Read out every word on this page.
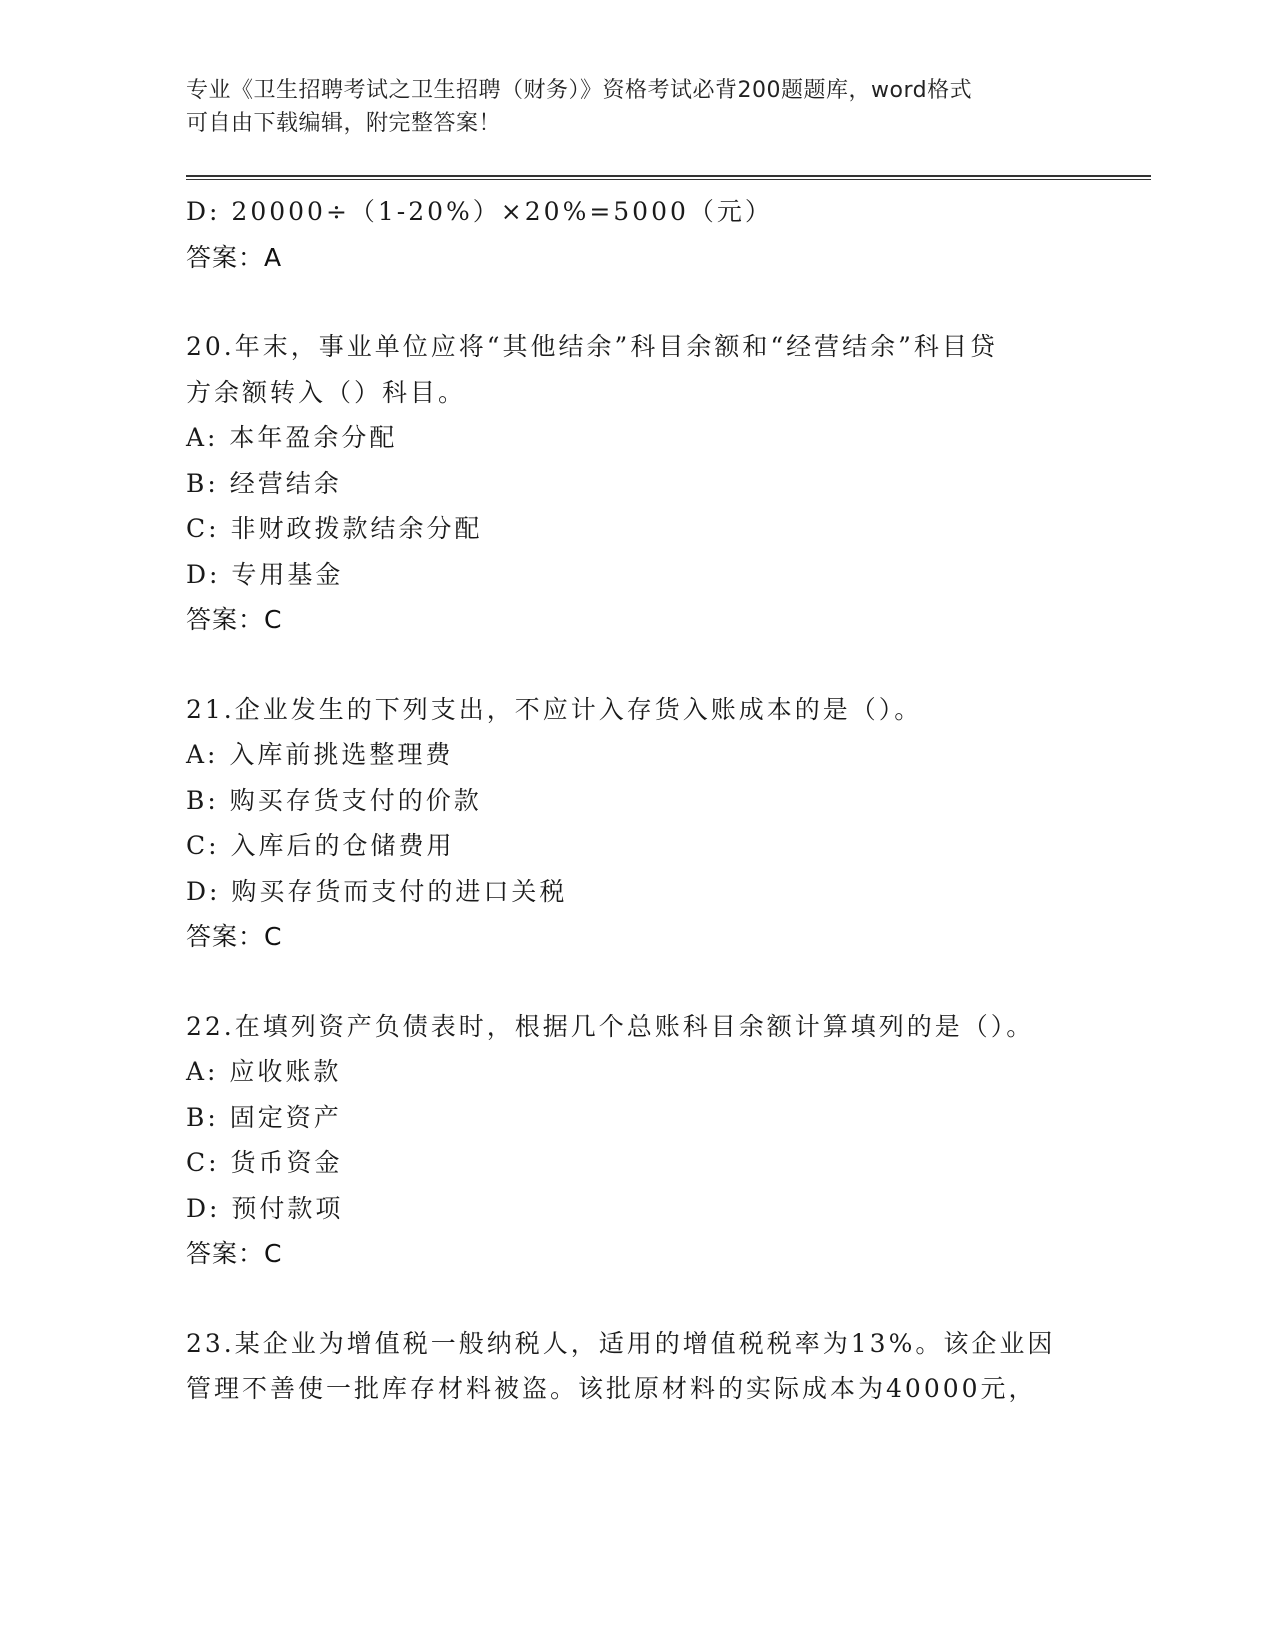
专业《卫生招聘考试之卫生招聘（财务）》资格考试必背200题题库，word格式
可自由下载编辑，附完整答案！
D: 20000÷（1-20%）×20%=5000（元）
答案：A
20.年末，事业单位应将“其他结余”科目余额和“经营结余”科目贷
方余额转入（）科目。
A: 本年盈余分配
B: 经营结余
C: 非财政拨款结余分配
D: 专用基金
答案：C
21.企业发生的下列支出，不应计入存货入账成本的是（）。
A: 入库前挑选整理费
B: 购买存货支付的价款
C: 入库后的仓储费用
D: 购买存货而支付的进口关税
答案：C
22.在填列资产负债表时，根据几个总账科目余额计算填列的是（）。
A: 应收账款
B: 固定资产
C: 货币资金
D: 预付款项
答案：C
23.某企业为增值税一般纳税人，适用的增值税税率为13%。该企业因
管理不善使一批库存材料被盗。该批原材料的实际成本为40000元，
